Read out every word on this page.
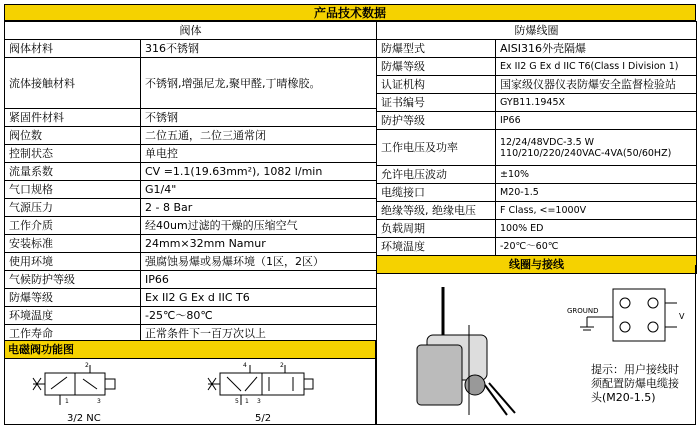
产品技术数据
阀体	
阀体材料	316不锈钢
流体接触材料	不锈钢,增强尼龙,聚甲醛,丁晴橡胶。
紧固件材料	不锈钢
阀位数	二位五通，二位三通常闭
控制状态	单电控
流量系数	CV =1.1(19.63mm²), 1082 l/min
气口规格	G1/4"
气源压力	2 - 8 Bar
工作介质	经40um过滤的干燥的压缩空气
安装标准	24mm×32mm Namur
使用环境	强腐蚀易爆或易爆环境（1区，2区）
气候防护等级	IP66
防爆等级	Ex II2 G Ex d IIC T6
环境温度	-25℃～80℃
工作寿命	正常条件下一百万次以上
防爆线圈	
防爆型式	AISI316外壳隔爆
防爆等级	Ex II2 G Ex d IIC T6(Class I Division 1)
认证机构	国家级仪器仪表防爆安全监督检验站
证书编号	GYB11.1945X
防护等级	IP66
工作电压及功率	12/24/48VDC-3.5 W
110/210/220/240VAC-4VA(50/60HZ)

允许电压波动	±10%
电缆接口	M20-1.5
绝缘等级, 绝缘电压	F Class, <=1000V
负载周期	100% ED
环境温度	-20℃～60℃
线圈与接线	
电磁阀功能图
2
1	3
4	2
5 1 3
3/2 NC	5/2
GROUND
V
提示：用户接线时须配置防爆电缆接头(M20-1.5)
